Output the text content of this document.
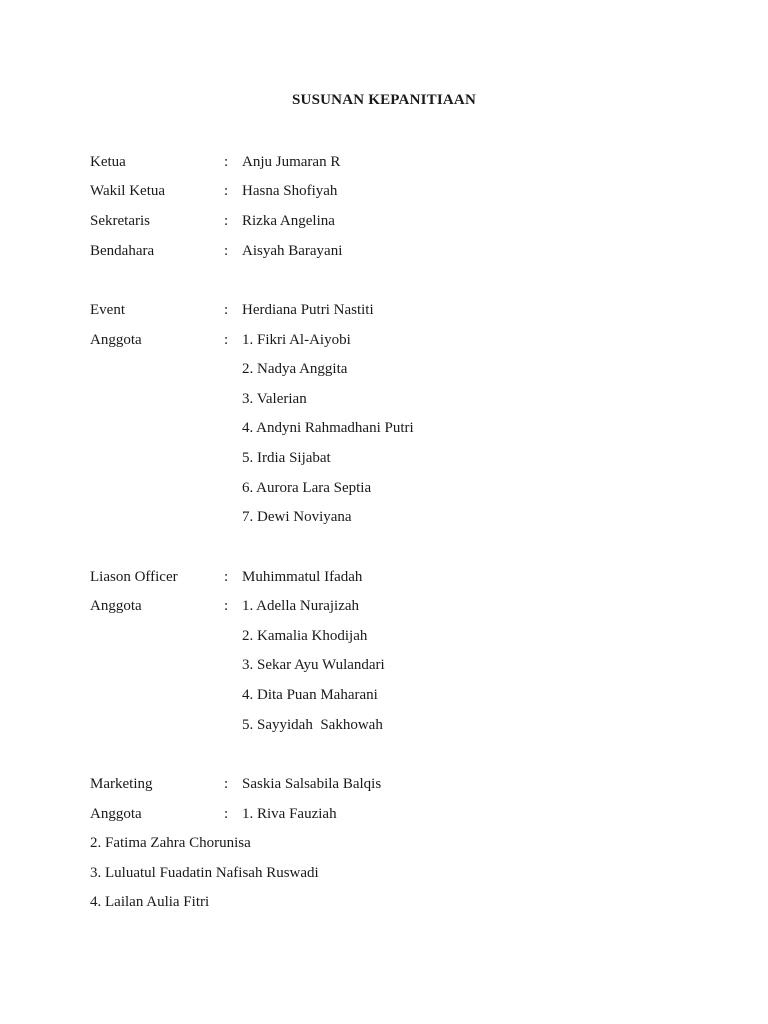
SUSUNAN KEPANITIAAN
Ketua	: Anju Jumaran R
Wakil Ketua	: Hasna Shofiyah
Sekretaris	: Rizka Angelina
Bendahara	: Aisyah Barayani
Event	: Herdiana Putri Nastiti
Anggota	: 1. Fikri Al-Aiyobi
2. Nadya Anggita
3. Valerian
4. Andyni Rahmadhani Putri
5. Irdia Sijabat
6. Aurora Lara Septia
7. Dewi Noviyana
Liason Officer	: Muhimmatul Ifadah
Anggota	: 1. Adella Nurajizah
2. Kamalia Khodijah
3. Sekar Ayu Wulandari
4. Dita Puan Maharani
5. Sayyidah  Sakhowah
Marketing	: Saskia Salsabila Balqis
Anggota	: 1. Riva Fauziah
2. Fatima Zahra Chorunisa
3. Luluatul Fuadatin Nafisah Ruswadi
4. Lailan Aulia Fitri
